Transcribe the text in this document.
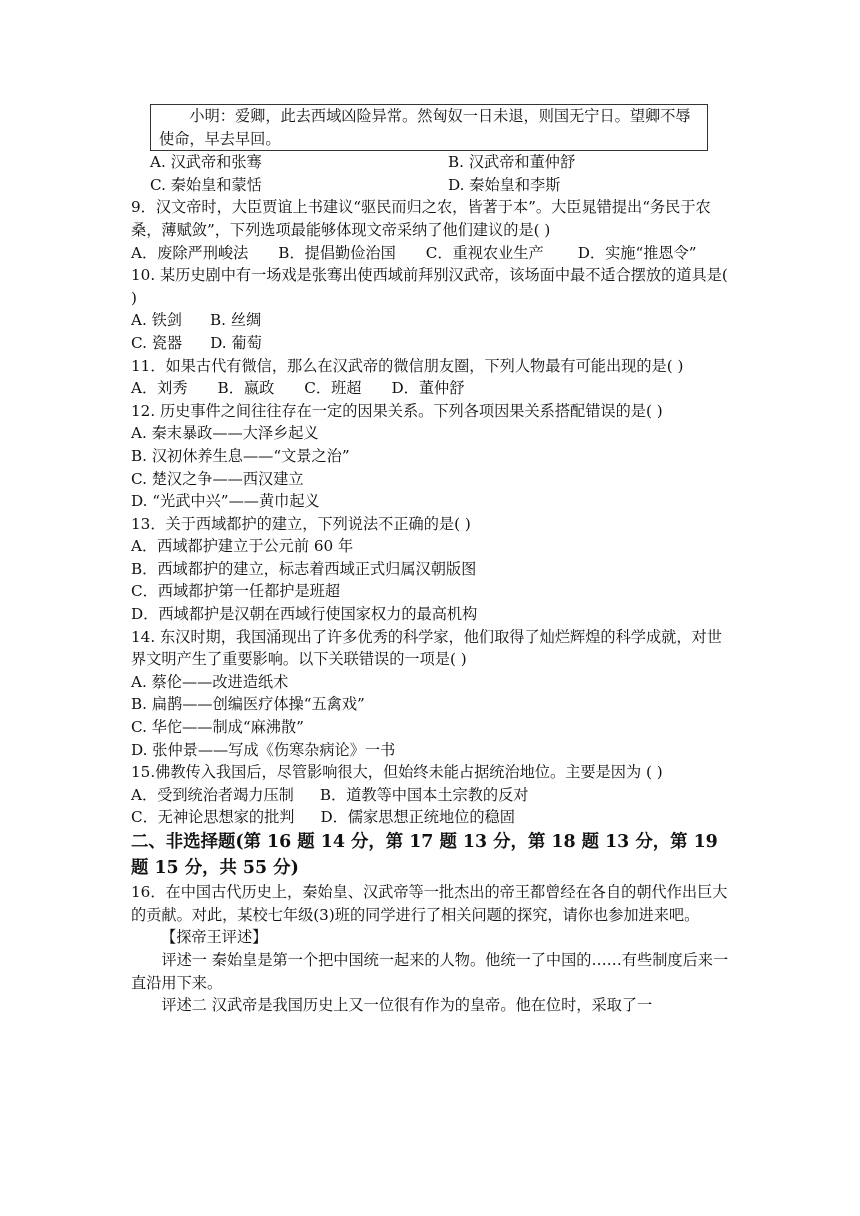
小明：爱卿，此去西域凶险异常。然匈奴一日未退，则国无宁日。望卿不辱使命，早去早回。

A. 汉武帝和张骞	B. 汉武帝和董仲舒
C. 秦始皇和蒙恬	D. 秦始皇和李斯

9．汉文帝时，大臣贾谊上书建议“驱民而归之农，皆著于本”。大臣晁错提出“务民于农桑，薄赋敛”，下列选项最能够体现文帝采纳了他们建议的是( )

A．废除严刑峻法 B．提倡勤俭治国 C．重视农业生产 D．实施“推恩令”

10. 某历史剧中有一场戏是张骞出使西域前拜别汉武帝，该场面中最不适合摆放的道具是( )

A. 铁剑 B. 丝绸

C. 瓷器 D. 葡萄

11．如果古代有微信，那么在汉武帝的微信朋友圈，下列人物最有可能出现的是( )

A．刘秀 B．嬴政 C．班超 D．董仲舒

12. 历史事件之间往往存在一定的因果关系。下列各项因果关系搭配错误的是( )

A. 秦末暴政——大泽乡起义

B. 汉初休养生息——“文景之治”

C. 楚汉之争——西汉建立

D. “光武中兴”——黄巾起义

13．关于西域都护的建立，下列说法不正确的是( )

A．西域都护建立于公元前 60 年

B．西域都护的建立，标志着西域正式归属汉朝版图

C．西域都护第一任都护是班超

D．西域都护是汉朝在西域行使国家权力的最高机构

14. 东汉时期，我国涌现出了许多优秀的科学家，他们取得了灿烂辉煌的科学成就，对世界文明产生了重要影响。以下关联错误的一项是( )

A. 蔡伦——改进造纸术

B. 扁鹊——创编医疗体操“五禽戏”

C. 华佗——制成“麻沸散”

D. 张仲景——写成《伤寒杂病论》一书

15.佛教传入我国后，尽管影响很大，但始终未能占据统治地位。主要是因为 ( )

A．受到统治者竭力压制 B．道教等中国本土宗教的反对

C．无神论思想家的批判 D．儒家思想正统地位的稳固

二、非选择题(第 16 题 14 分，第 17 题 13 分，第 18 题 13 分，第 19 题 15 分，共 55 分)

16．在中国古代历史上，秦始皇、汉武帝等一批杰出的帝王都曾经在各自的朝代作出巨大的贡献。对此，某校七年级(3)班的同学进行了相关问题的探究，请你也参加进来吧。

【探帝王评述】

评述一 秦始皇是第一个把中国统一起来的人物。他统一了中国的……有些制度后来一直沿用下来。

评述二 汉武帝是我国历史上又一位很有作为的皇帝。他在位时，采取了一
